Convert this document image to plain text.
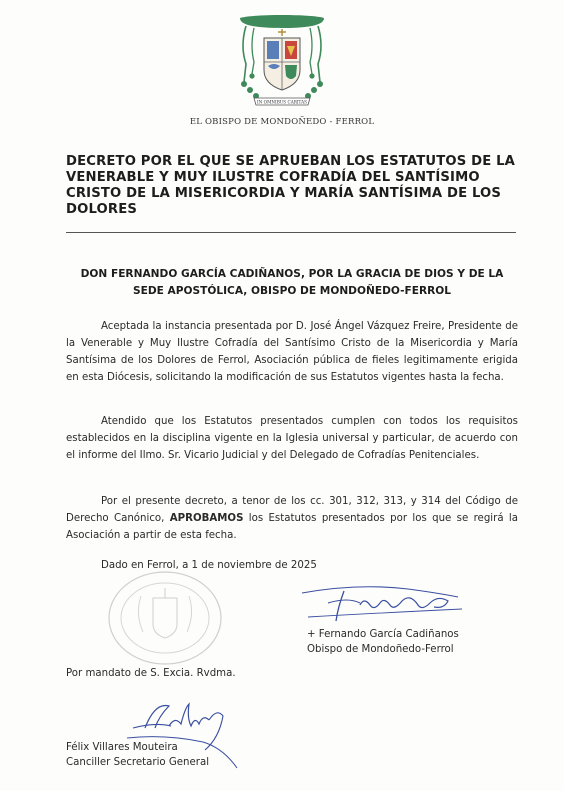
IN OMNIBUS CARITAS
EL OBISPO DE MONDOÑEDO - FERROL
DECRETO POR EL QUE SE APRUEBAN LOS ESTATUTOS DE LA VENERABLE Y MUY ILUSTRE COFRADÍA DEL SANTÍSIMO CRISTO DE LA MISERICORDIA Y MARÍA SANTÍSIMA DE LOS DOLORES

DON FERNANDO GARCÍA CADIÑANOS, POR LA GRACIA DE DIOS Y DE LA SEDE APOSTÓLICA, OBISPO DE MONDOÑEDO-FERROL

Aceptada la instancia presentada por D. José Ángel Vázquez Freire, Presidente de la Venerable y Muy Ilustre Cofradía del Santísimo Cristo de la Misericordia y María Santísima de los Dolores de Ferrol, Asociación pública de fieles legitimamente erigida en esta Diócesis, solicitando la modificación de sus Estatutos vigentes hasta la fecha.

Atendido que los Estatutos presentados cumplen con todos los requisitos establecidos en la disciplina vigente en la Iglesia universal y particular, de acuerdo con el informe del Ilmo. Sr. Vicario Judicial y del Delegado de Cofradías Penitenciales.

Por el presente decreto, a tenor de los cc. 301, 312, 313, y 314 del Código de Derecho Canónico, APROBAMOS los Estatutos presentados por los que se regirá la Asociación a partir de esta fecha.

Dado en Ferrol, a 1 de noviembre de 2025

+ Fernando García Cadiñanos
Obispo de Mondoñedo-Ferrol

Por mandato de S. Excia. Rvdma.

Félix Villares Mouteira
Canciller Secretario General
